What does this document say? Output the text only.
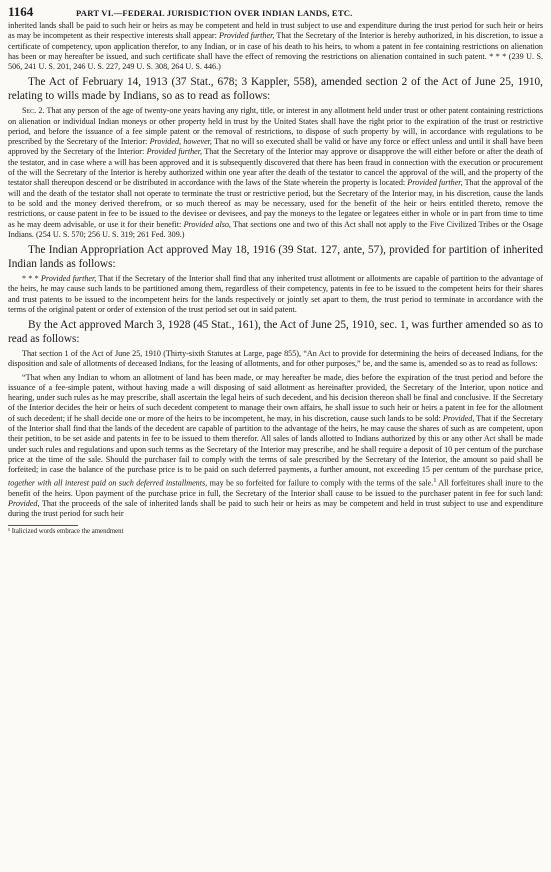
1164	PART VI.—FEDERAL JURISDICTION OVER INDIAN LANDS, ETC.

inherited lands shall be paid to such heir or heirs as may be competent and held in trust subject to use and expenditure during the trust period for such heir or heirs as may be incompetent as their respective interests shall appear: Provided further, That the Secretary of the Interior is hereby authorized, in his discretion, to issue a certificate of competency, upon application therefor, to any Indian, or in case of his death to his heirs, to whom a patent in fee containing restrictions on alienation has been or may hereafter be issued, and such certificate shall have the effect of removing the restrictions on alienation contained in such patent. * * * (239 U. S. 506, 241 U. S. 201, 246 U. S. 227, 249 U. S. 308, 264 U. S. 446.)

The Act of February 14, 1913 (37 Stat., 678; 3 Kappler, 558), amended section 2 of the Act of June 25, 1910, relating to wills made by Indians, so as to read as follows:

Sec. 2. That any person of the age of twenty-one years having any right, title, or interest in any allotment held under trust or other patent containing restrictions on alienation or individual Indian moneys or other property held in trust by the United States shall have the right prior to the expiration of the trust or restrictive period, and before the issuance of a fee simple patent or the removal of restrictions, to dispose of such property by will, in accordance with regulations to be prescribed by the Secretary of the Interior: Provided, however, That no will so executed shall be valid or have any force or effect unless and until it shall have been approved by the Secretary of the Interior: Provided further, That the Secretary of the Interior may approve or disapprove the will either before or after the death of the testator, and in case where a will has been approved and it is subsequently discovered that there has been fraud in connection with the execution or procurement of the will the Secretary of the Interior is hereby authorized within one year after the death of the testator to cancel the approval of the will, and the property of the testator shall thereupon descend or be distributed in accordance with the laws of the State wherein the property is located: Provided further, That the approval of the will and the death of the testator shall not operate to terminate the trust or restrictive period, but the Secretary of the Interior may, in his discretion, cause the lands to be sold and the money derived therefrom, or so much thereof as may be necessary, used for the benefit of the heir or heirs entitled thereto, remove the restrictions, or cause patent in fee to be issued to the devisee or devisees, and pay the moneys to the legatee or legatees either in whole or in part from time to time as he may deem advisable, or use it for their benefit: Provided also, That sections one and two of this Act shall not apply to the Five Civilized Tribes or the Osage Indians. (254 U. S. 570; 256 U. S. 319; 261 Fed. 309.)

The Indian Appropriation Act approved May 18, 1916 (39 Stat. 127, ante, 57), provided for partition of inherited Indian lands as follows:

* * * Provided further, That if the Secretary of the Interior shall find that any inherited trust allotment or allotments are capable of partition to the advantage of the heirs, he may cause such lands to be partitioned among them, regardless of their competency, patents in fee to be issued to the competent heirs for their shares and trust patents to be issued to the incompetent heirs for the lands respectively or jointly set apart to them, the trust period to terminate in accordance with the terms of the original patent or order of extension of the trust period set out in said patent.

By the Act approved March 3, 1928 (45 Stat., 161), the Act of June 25, 1910, sec. 1, was further amended so as to read as follows:

That section 1 of the Act of June 25, 1910 (Thirty-sixth Statutes at Large, page 855), “An Act to provide for determining the heirs of deceased Indians, for the disposition and sale of allotments of deceased Indians, for the leasing of allotments, and for other purposes,” be, and the same is, amended so as to read as follows:

“That when any Indian to whom an allotment of land has been made, or may hereafter be made, dies before the expiration of the trust period and before the issuance of a fee-simple patent, without having made a will disposing of said allotment as hereinafter provided, the Secretary of the Interior, upon notice and hearing, under such rules as he may prescribe, shall ascertain the legal heirs of such decedent, and his decision thereon shall be final and conclusive. If the Secretary of the Interior decides the heir or heirs of such decedent competent to manage their own affairs, he shall issue to such heir or heirs a patent in fee for the allotment of such decedent; if he shall decide one or more of the heirs to be incompetent, he may, in his discretion, cause such lands to be sold: Provided, That if the Secretary of the Interior shall find that the lands of the decedent are capable of partition to the advantage of the heirs, he may cause the shares of such as are competent, upon their petition, to be set aside and patents in fee to be issued to them therefor. All sales of lands allotted to Indians authorized by this or any other Act shall be made under such rules and regulations and upon such terms as the Secretary of the Interior may prescribe, and he shall require a deposit of 10 per centum of the purchase price at the time of the sale. Should the purchaser fail to comply with the terms of sale prescribed by the Secretary of the Interior, the amount so paid shall be forfeited; in case the balance of the purchase price is to be paid on such deferred payments, a further amount, not exceeding 15 per centum of the purchase price, together with all interest paid on such deferred installments, may be so forfeited for failure to comply with the terms of the sale.$^1$ All forfeitures shall inure to the benefit of the heirs. Upon payment of the purchase price in full, the Secretary of the Interior shall cause to be issued to the purchaser patent in fee for such land: Provided, That the proceeds of the sale of inherited lands shall be paid to such heir or heirs as may be competent and held in trust subject to use and expenditure during the trust period for such heir

¹ Italicized words embrace the amendment
